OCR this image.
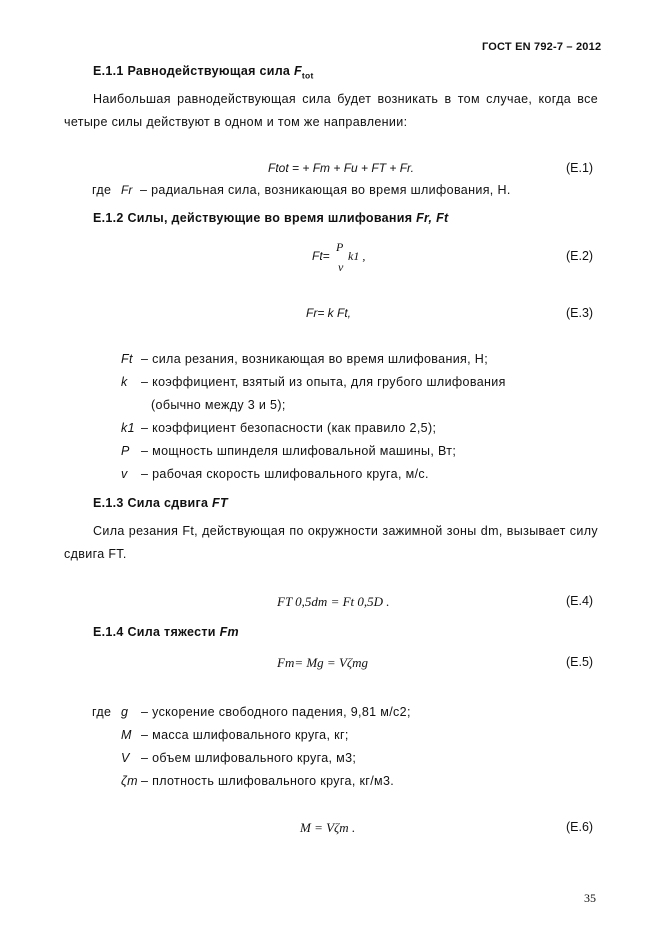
ГОСТ EN 792-7 – 2012
Е.1.1 Равнодействующая сила $F_{tot}$
Наибольшая равнодействующая сила будет возникать в том случае, когда все
четыре силы действуют в одном и том же направлении:
Ftot = + Fm + Fu + FT + Fr.	(Е.1)
где Fr – радиальная сила, возникающая во время шлифования, Н.
Е.1.2 Силы, действующие во время шлифования Fr, Ft
Ft=
P
v
k1 ,	(Е.2)
Fr= k Ft,	(Е.3)
Ft – сила резания, возникающая во время шлифования, Н;
k – коэффициент, взятый из опыта, для грубого шлифования
(обычно между 3 и 5);
k1 – коэффициент безопасности (как правило 2,5);
P – мощность шпинделя шлифовальной машины, Вт;
v – рабочая скорость шлифовального круга, м/с.
Е.1.3 Сила сдвига FT
Сила резания Ft, действующая по окружности зажимной зоны dm, вызывает силу
сдвига FT.
FT 0,5dm = Ft 0,5D .	(Е.4)
Е.1.4 Сила тяжести Fm
Fm= Mg = Vζmg	(Е.5)
где g – ускорение свободного падения, 9,81 м/с2;
M – масса шлифовального круга, кг;
V – объем шлифовального круга, м3;
ζm – плотность шлифовального круга, кг/м3.
M = Vζm .	(Е.6)
35
